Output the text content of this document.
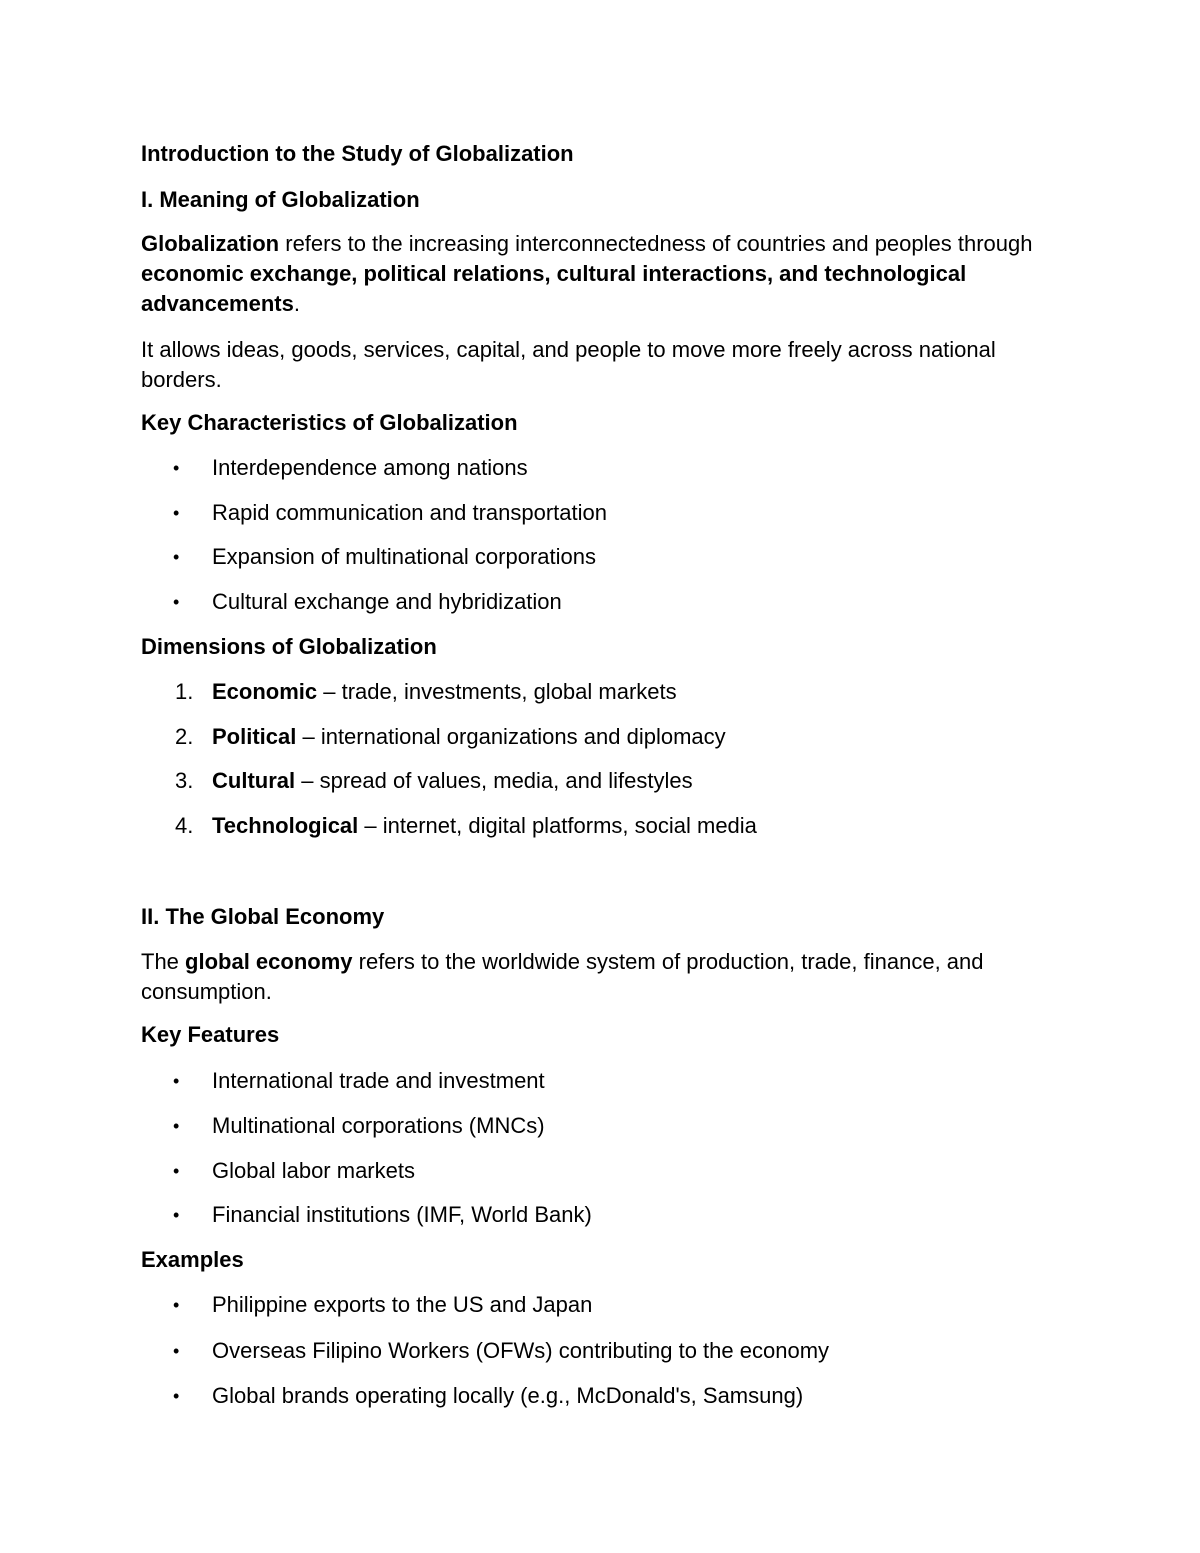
Introduction to the Study of Globalization

I. Meaning of Globalization

Globalization refers to the increasing interconnectedness of countries and peoples through economic exchange, political relations, cultural interactions, and technological advancements.

It allows ideas, goods, services, capital, and people to move more freely across national borders.

Key Characteristics of Globalization

•	Interdependence among nations
•	Rapid communication and transportation
•	Expansion of multinational corporations
•	Cultural exchange and hybridization

Dimensions of Globalization

1. Economic – trade, investments, global markets
2. Political – international organizations and diplomacy
3. Cultural – spread of values, media, and lifestyles
4. Technological – internet, digital platforms, social media

II. The Global Economy

The global economy refers to the worldwide system of production, trade, finance, and consumption.

Key Features

•	International trade and investment
•	Multinational corporations (MNCs)
•	Global labor markets
•	Financial institutions (IMF, World Bank)

Examples

•	Philippine exports to the US and Japan
•	Overseas Filipino Workers (OFWs) contributing to the economy
•	Global brands operating locally (e.g., McDonald's, Samsung)
